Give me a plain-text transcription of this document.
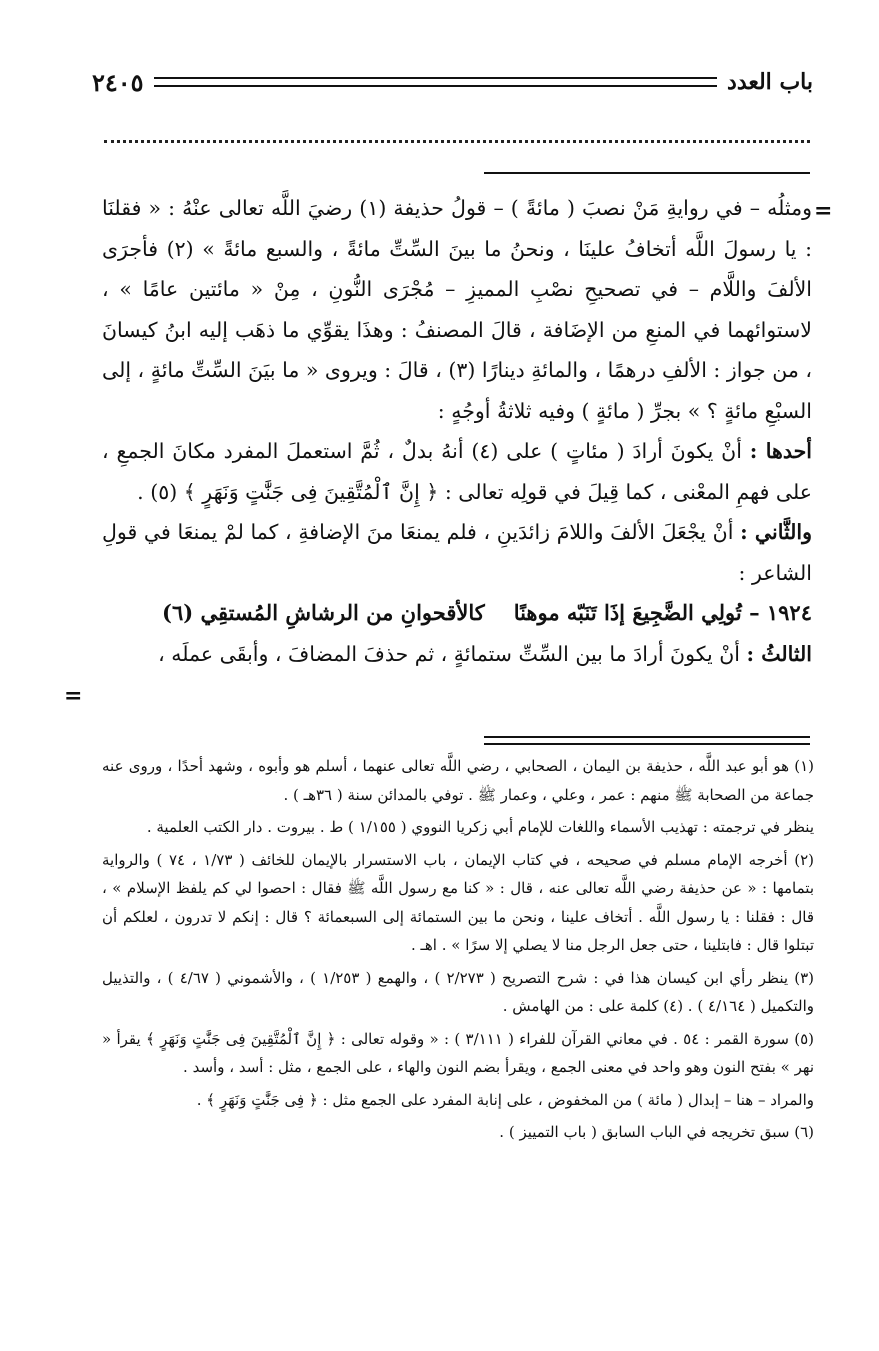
باب العدد
٢٤٠٥
=
=

ومثلُه – في روايةِ مَنْ نصبَ ( مائةً ) – قولُ حذيفة (١) رضيَ اللَّه تعالى عنْهُ : « فقلنَا : يا رسولَ اللَّه أتخافُ علينَا ، ونحنُ ما بينَ السِّتِّ مائةً ، والسبع مائةً » (٢) فأجرَى الألفَ واللَّام – في تصحيحِ نصْبِ المميزِ – مُجْرَى النُّونِ ، مِنْ « مائتين عامًا » ، لاستوائهما في المنعِ من الإضَافة ، قالَ المصنفُ : وهذَا يقوِّي ما ذهَب إليه ابنُ كيسانَ ، من جواز : الألفِ درهمًا ، والمائةِ دينارًا (٣) ، قالَ : ويروى « ما بيَنَ السِّتِّ مائةٍ ، إلى السبْعِ مائةٍ ؟ » بجرِّ ( مائةٍ ) وفيه ثلاثةُ أوجُهٍ :

أحدها : أنْ يكونَ أرادَ ( مئاتٍ ) على (٤) أنهُ بدلٌ ، ثُمَّ استعملَ المفرد مكانَ الجمعِ ، على فهمِ المعْنى ، كما قِيلَ في قولِه تعالى : ﴿ إِنَّ ٱلْمُتَّقِينَ فِى جَنَّٰتٍ وَنَهَرٍ ﴾ (٥) .

والثَّاني : أنْ يجْعَلَ الألفَ واللامَ زائدَينِ ، فلم يمنعَا منَ الإضافةِ ، كما لمْ يمنعَا في قولِ الشاعر :

١٩٢٤ – تُولِي الضَّجِيعَ إذَا تَنَبّه موهنًا
كالأقحوانِ من الرشاشِ المُستقِي (٦)

الثالثُ : أنْ يكونَ أرادَ ما بين السِّتِّ ستمائةٍ ، ثم حذفَ المضافَ ، وأبقَى عملَه ،

(١) هو أبو عبد اللَّه ، حذيفة بن اليمان ، الصحابي ، رضي اللَّه تعالى عنهما ، أسلم هو وأبوه ، وشهد أحدًا ، وروى عنه جماعة من الصحابة ﷺ منهم : عمر ، وعلي ، وعمار ﷺ . توفي بالمدائن سنة ( ٣٦هـ ) .

ينظر في ترجمته : تهذيب الأسماء واللغات للإمام أبي زكريا النووي ( ١/١٥٥ ) ط . بيروت . دار الكتب العلمية .

(٢) أخرجه الإمام مسلم في صحيحه ، في كتاب الإيمان ، باب الاستسرار بالإيمان للخائف ( ١/٧٣ ، ٧٤ ) والرواية بتمامها : « عن حذيفة رضي اللَّه تعالى عنه ، قال : « كنا مع رسول اللَّه ﷺ فقال : احصوا لي كم يلفظ الإسلام » ، قال : فقلنا : يا رسول اللَّه . أتخاف علينا ، ونحن ما بين الستمائة إلى السبعمائة ؟ قال : إنكم لا تدرون ، لعلكم أن تبتلوا قال : فابتلينا ، حتى جعل الرجل منا لا يصلي إلا سرًا » . اهـ .

(٣) ينظر رأي ابن كيسان هذا في : شرح التصريح ( ٢/٢٧٣ ) ، والهمع ( ١/٢٥٣ ) ، والأشموني ( ٤/٦٧ ) ، والتذييل والتكميل ( ٤/١٦٤ ) . (٤) كلمة على : من الهامش .

(٥) سورة القمر : ٥٤ . في معاني القرآن للفراء ( ٣/١١١ ) : « وقوله تعالى : ﴿ إِنَّ ٱلْمُتَّقِينَ فِى جَنَّٰتٍ وَنَهَرٍ ﴾ يقرأ « نهر » بفتح النون وهو واحد في معنى الجمع ، ويقرأ بضم النون والهاء ، على الجمع ، مثل : أسد ، وأسد .

والمراد – هنا – إبدال ( مائة ) من المخفوض ، على إنابة المفرد على الجمع مثل : ﴿ فِى جَنَّٰتٍ وَنَهَرٍ ﴾ .

(٦) سبق تخريجه في الباب السابق ( باب التمييز ) .
